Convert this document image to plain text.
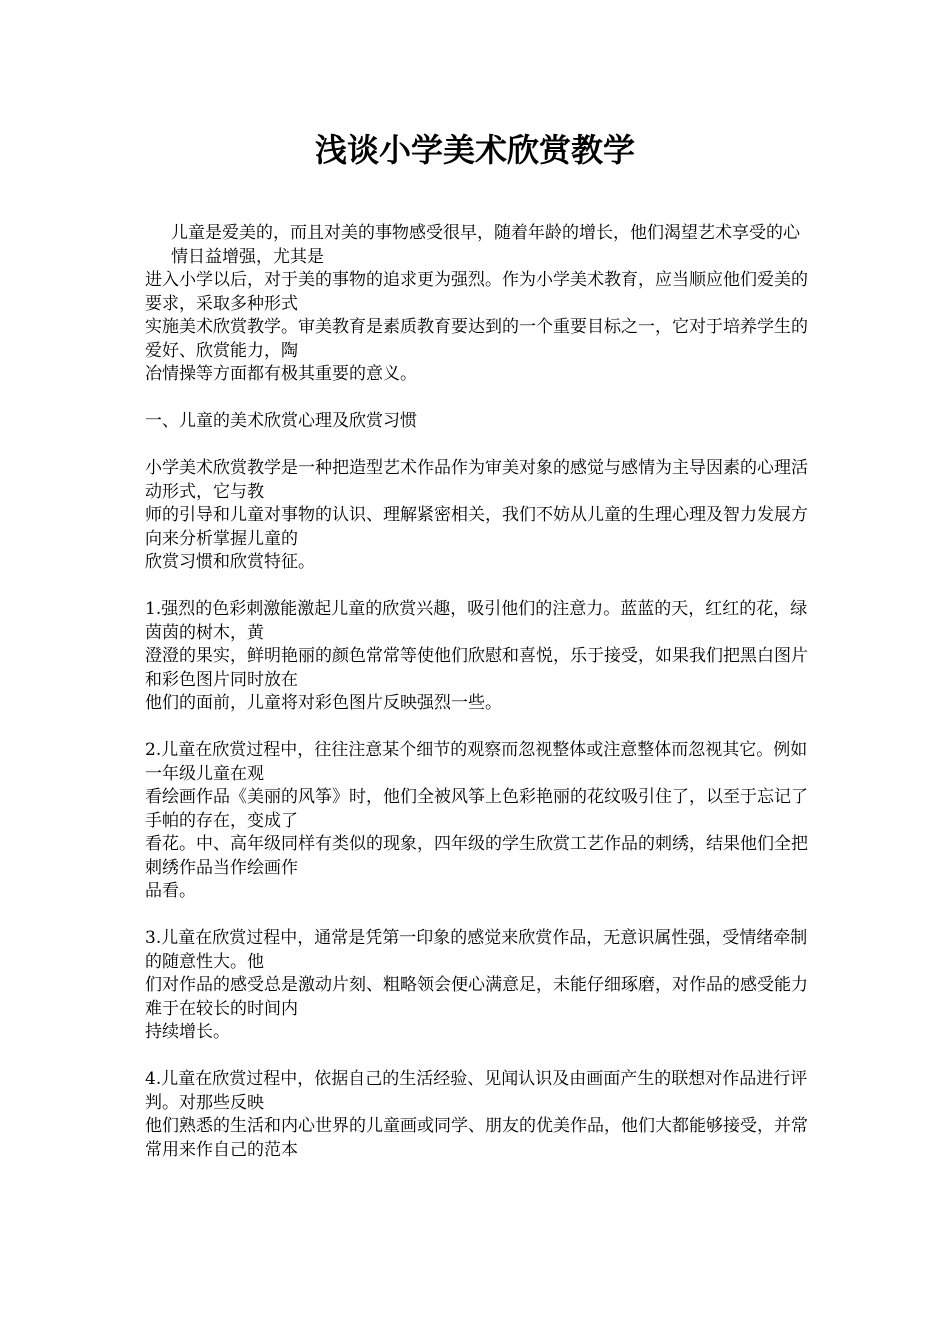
浅谈小学美术欣赏教学

儿童是爱美的，而且对美的事物感受很早，随着年龄的增长，他们渴望艺术享受的心情日益增强，尤其是
进入小学以后，对于美的事物的追求更为强烈。作为小学美术教育，应当顺应他们爱美的要求，采取多种形式
实施美术欣赏教学。审美教育是素质教育要达到的一个重要目标之一，它对于培养学生的爱好、欣赏能力，陶
冶情操等方面都有极其重要的意义。

一、儿童的美术欣赏心理及欣赏习惯

小学美术欣赏教学是一种把造型艺术作品作为审美对象的感觉与感情为主导因素的心理活动形式，它与教
师的引导和儿童对事物的认识、理解紧密相关，我们不妨从儿童的生理心理及智力发展方向来分析掌握儿童的
欣赏习惯和欣赏特征。

1.强烈的色彩刺激能激起儿童的欣赏兴趣，吸引他们的注意力。蓝蓝的天，红红的花，绿茵茵的树木，黄
澄澄的果实，鲜明艳丽的颜色常常等使他们欣慰和喜悦，乐于接受，如果我们把黑白图片和彩色图片同时放在
他们的面前，儿童将对彩色图片反映强烈一些。

2.儿童在欣赏过程中，往往注意某个细节的观察而忽视整体或注意整体而忽视其它。例如一年级儿童在观
看绘画作品《美丽的风筝》时，他们全被风筝上色彩艳丽的花纹吸引住了，以至于忘记了手帕的存在，变成了
看花。中、高年级同样有类似的现象，四年级的学生欣赏工艺作品的刺绣，结果他们全把刺绣作品当作绘画作
品看。

3.儿童在欣赏过程中，通常是凭第一印象的感觉来欣赏作品，无意识属性强，受情绪牵制的随意性大。他
们对作品的感受总是激动片刻、粗略领会便心满意足，未能仔细琢磨，对作品的感受能力难于在较长的时间内
持续增长。

4.儿童在欣赏过程中，依据自己的生活经验、见闻认识及由画面产生的联想对作品进行评判。对那些反映
他们熟悉的生活和内心世界的儿童画或同学、朋友的优美作品，他们大都能够接受，并常常用来作自己的范本
